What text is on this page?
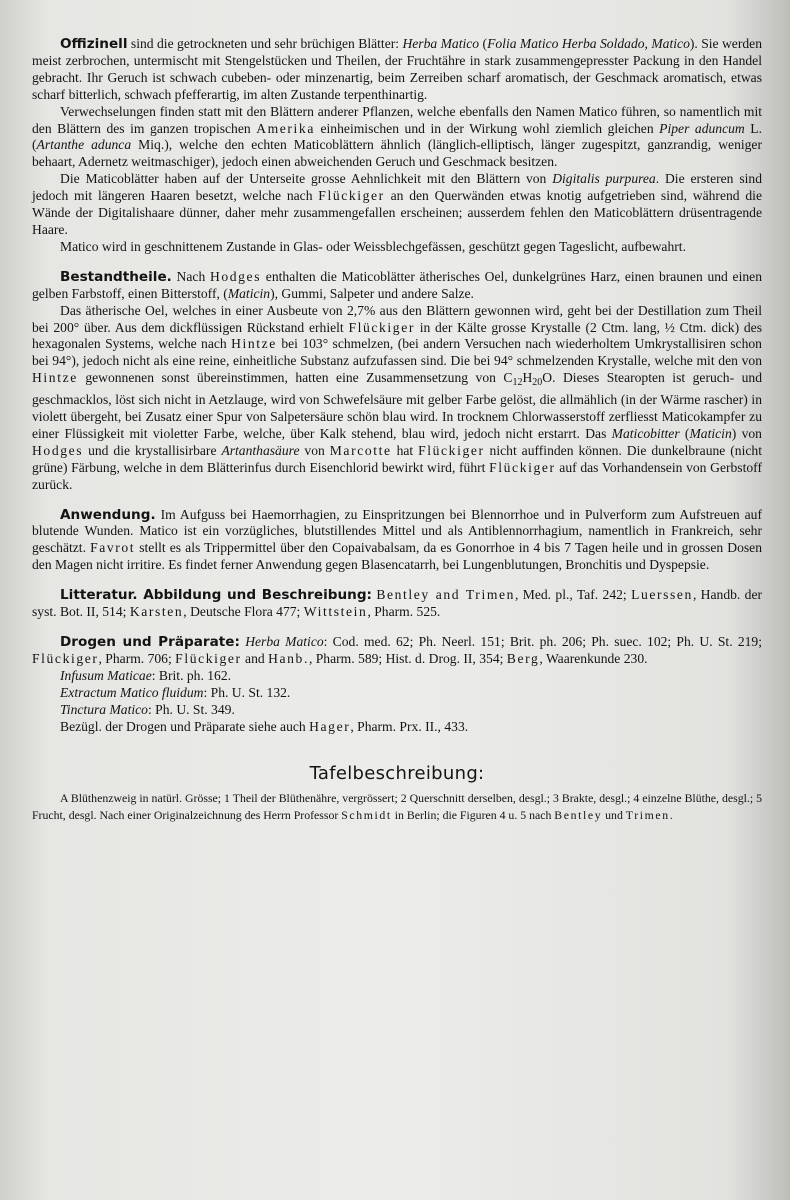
Offizinell sind die getrockneten und sehr brüchigen Blätter: Herba Matico (Folia Matico Herba Soldado, Matico). Sie werden meist zerbrochen, untermischt mit Stengelstücken und Theilen, der Fruchtähre in stark zusammengepresster Packung in den Handel gebracht. Ihr Geruch ist schwach cubeben- oder minzenartig, beim Zerreiben scharf aromatisch, der Geschmack aromatisch, etwas scharf bitterlich, schwach pfefferartig, im alten Zustande terpenthinartig.

Verwechselungen finden statt mit den Blättern anderer Pflanzen, welche ebenfalls den Namen Matico führen, so namentlich mit den Blättern des im ganzen tropischen Amerika einheimischen und in der Wirkung wohl ziemlich gleichen Piper aduncum L. (Artanthe adunca Miq.), welche den echten Maticoblättern ähnlich (länglich-elliptisch, länger zugespitzt, ganzrandig, weniger behaart, Adernetz weitmaschiger), jedoch einen abweichenden Geruch und Geschmack besitzen.

Die Maticoblätter haben auf der Unterseite grosse Aehnlichkeit mit den Blättern von Digitalis purpurea. Die ersteren sind jedoch mit längeren Haaren besetzt, welche nach Flückiger an den Querwänden etwas knotig aufgetrieben sind, während die Wände der Digitalishaare dünner, daher mehr zusammengefallen erscheinen; ausserdem fehlen den Maticoblättern drüsentragende Haare.

Matico wird in geschnittenem Zustande in Glas- oder Weissblechgefässen, geschützt gegen Tageslicht, aufbewahrt.

Bestandtheile. Nach Hodges enthalten die Maticoblätter ätherisches Oel, dunkelgrünes Harz, einen braunen und einen gelben Farbstoff, einen Bitterstoff, (Maticin), Gummi, Salpeter und andere Salze.

Das ätherische Oel, welches in einer Ausbeute von 2,7% aus den Blättern gewonnen wird, geht bei der Destillation zum Theil bei 200° über. Aus dem dickflüssigen Rückstand erhielt Flückiger in der Kälte grosse Krystalle (2 Ctm. lang, ½ Ctm. dick) des hexagonalen Systems, welche nach Hintze bei 103° schmelzen, (bei andern Versuchen nach wiederholtem Umkrystallisiren schon bei 94°), jedoch nicht als eine reine, einheitliche Substanz aufzufassen sind. Die bei 94° schmelzenden Krystalle, welche mit den von Hintze gewonnenen sonst übereinstimmen, hatten eine Zusammensetzung von $C_{12}H_{20}O$. Dieses Stearopten ist geruch- und geschmacklos, löst sich nicht in Aetzlauge, wird von Schwefelsäure mit gelber Farbe gelöst, die allmählich (in der Wärme rascher) in violett übergeht, bei Zusatz einer Spur von Salpetersäure schön blau wird. In trocknem Chlorwasserstoff zerfliesst Maticokampfer zu einer Flüssigkeit mit violetter Farbe, welche, über Kalk stehend, blau wird, jedoch nicht erstarrt. Das Maticobitter (Maticin) von Hodges und die krystallisirbare Artanthasäure von Marcotte hat Flückiger nicht auffinden können. Die dunkelbraune (nicht grüne) Färbung, welche in dem Blätterinfus durch Eisenchlorid bewirkt wird, führt Flückiger auf das Vorhandensein von Gerbstoff zurück.

Anwendung. Im Aufguss bei Haemorrhagien, zu Einspritzungen bei Blennorrhoe und in Pulverform zum Aufstreuen auf blutende Wunden. Matico ist ein vorzügliches, blutstillendes Mittel und als Antiblennorrhagium, namentlich in Frankreich, sehr geschätzt. Favrot stellt es als Trippermittel über den Copaivabalsam, da es Gonorrhoe in 4 bis 7 Tagen heile und in grossen Dosen den Magen nicht irritire. Es findet ferner Anwendung gegen Blasencatarrh, bei Lungenblutungen, Bronchitis und Dyspepsie.

Litteratur. Abbildung und Beschreibung: Bentley and Trimen, Med. pl., Taf. 242; Luerssen, Handb. der syst. Bot. II, 514; Karsten, Deutsche Flora 477; Wittstein, Pharm. 525.

Drogen und Präparate: Herba Matico: Cod. med. 62; Ph. Neerl. 151; Brit. ph. 206; Ph. suec. 102; Ph. U. St. 219; Flückiger, Pharm. 706; Flückiger and Hanb., Pharm. 589; Hist. d. Drog. II, 354; Berg, Waarenkunde 230.

Infusum Maticae: Brit. ph. 162.
Extractum Matico fluidum: Ph. U. St. 132.
Tinctura Matico: Ph. U. St. 349.
Bezügl. der Drogen und Präparate siehe auch Hager, Pharm. Prx. II., 433.

Tafelbeschreibung:

A Blüthenzweig in natürl. Grösse; 1 Theil der Blüthenähre, vergrössert; 2 Querschnitt derselben, desgl.; 3 Brakte, desgl.; 4 einzelne Blüthe, desgl.; 5 Frucht, desgl. Nach einer Originalzeichnung des Herrn Professor Schmidt in Berlin; die Figuren 4 u. 5 nach Bentley und Trimen.
